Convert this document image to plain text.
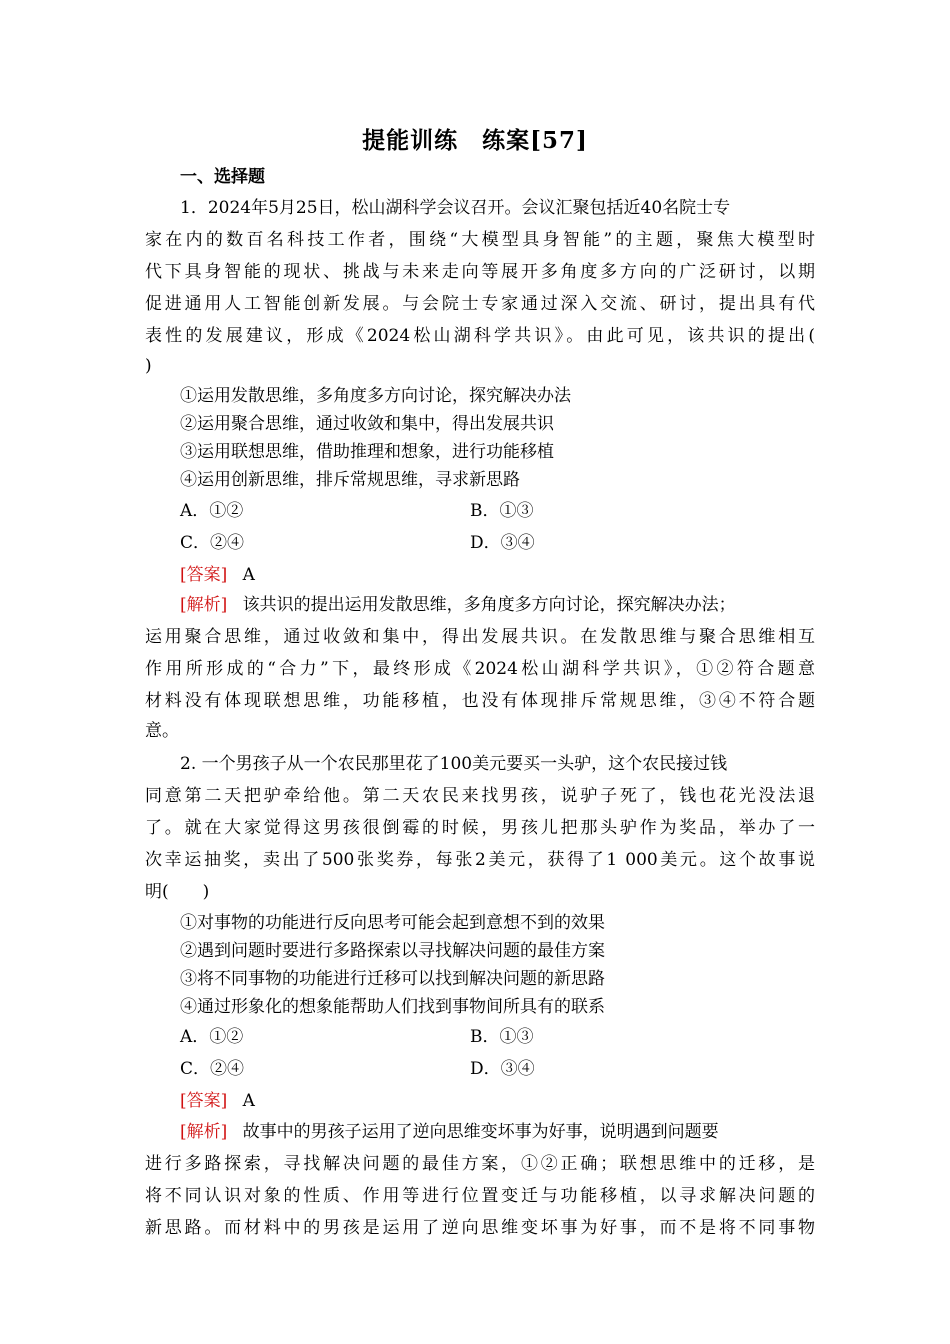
提能训练　练案[57]
一、选择题
1．2024年5月25日，松山湖科学会议召开。会议汇聚包括近40名院士专
家在内的数百名科技工作者，围绕“大模型具身智能”的主题，聚焦大模型时
代下具身智能的现状、挑战与未来走向等展开多角度多方向的广泛研讨，以期
促进通用人工智能创新发展。与会院士专家通过深入交流、研讨，提出具有代
表性的发展建议，形成《2024松山湖科学共识》。由此可见，该共识的提出(
)
①运用发散思维，多角度多方向讨论，探究解决办法
②运用聚合思维，通过收敛和集中，得出发展共识
③运用联想思维，借助推理和想象，进行功能移植
④运用创新思维，排斥常规思维，寻求新思路
A．①②	B．①③
C．②④	D．③④
[答案] A
[解析] 该共识的提出运用发散思维，多角度多方向讨论，探究解决办法；
运用聚合思维，通过收敛和集中，得出发展共识。在发散思维与聚合思维相互
作用所形成的“合力”下，最终形成《2024松山湖科学共识》，①②符合题意
材料没有体现联想思维，功能移植，也没有体现排斥常规思维，③④不符合题
意。
2. 一个男孩子从一个农民那里花了100美元要买一头驴，这个农民接过钱
同意第二天把驴牵给他。第二天农民来找男孩，说驴子死了，钱也花光没法退
了。就在大家觉得这男孩很倒霉的时候，男孩儿把那头驴作为奖品，举办了一
次幸运抽奖，卖出了500张奖券，每张2美元，获得了1 000美元。这个故事说
明(　　)
①对事物的功能进行反向思考可能会起到意想不到的效果
②遇到问题时要进行多路探索以寻找解决问题的最佳方案
③将不同事物的功能进行迁移可以找到解决问题的新思路
④通过形象化的想象能帮助人们找到事物间所具有的联系
A．①②	B．①③
C．②④	D．③④
[答案] A
[解析] 故事中的男孩子运用了逆向思维变坏事为好事，说明遇到问题要
进行多路探索，寻找解决问题的最佳方案，①②正确；联想思维中的迁移，是
将不同认识对象的性质、作用等进行位置变迁与功能移植，以寻求解决问题的
新思路。而材料中的男孩是运用了逆向思维变坏事为好事，而不是将不同事物
